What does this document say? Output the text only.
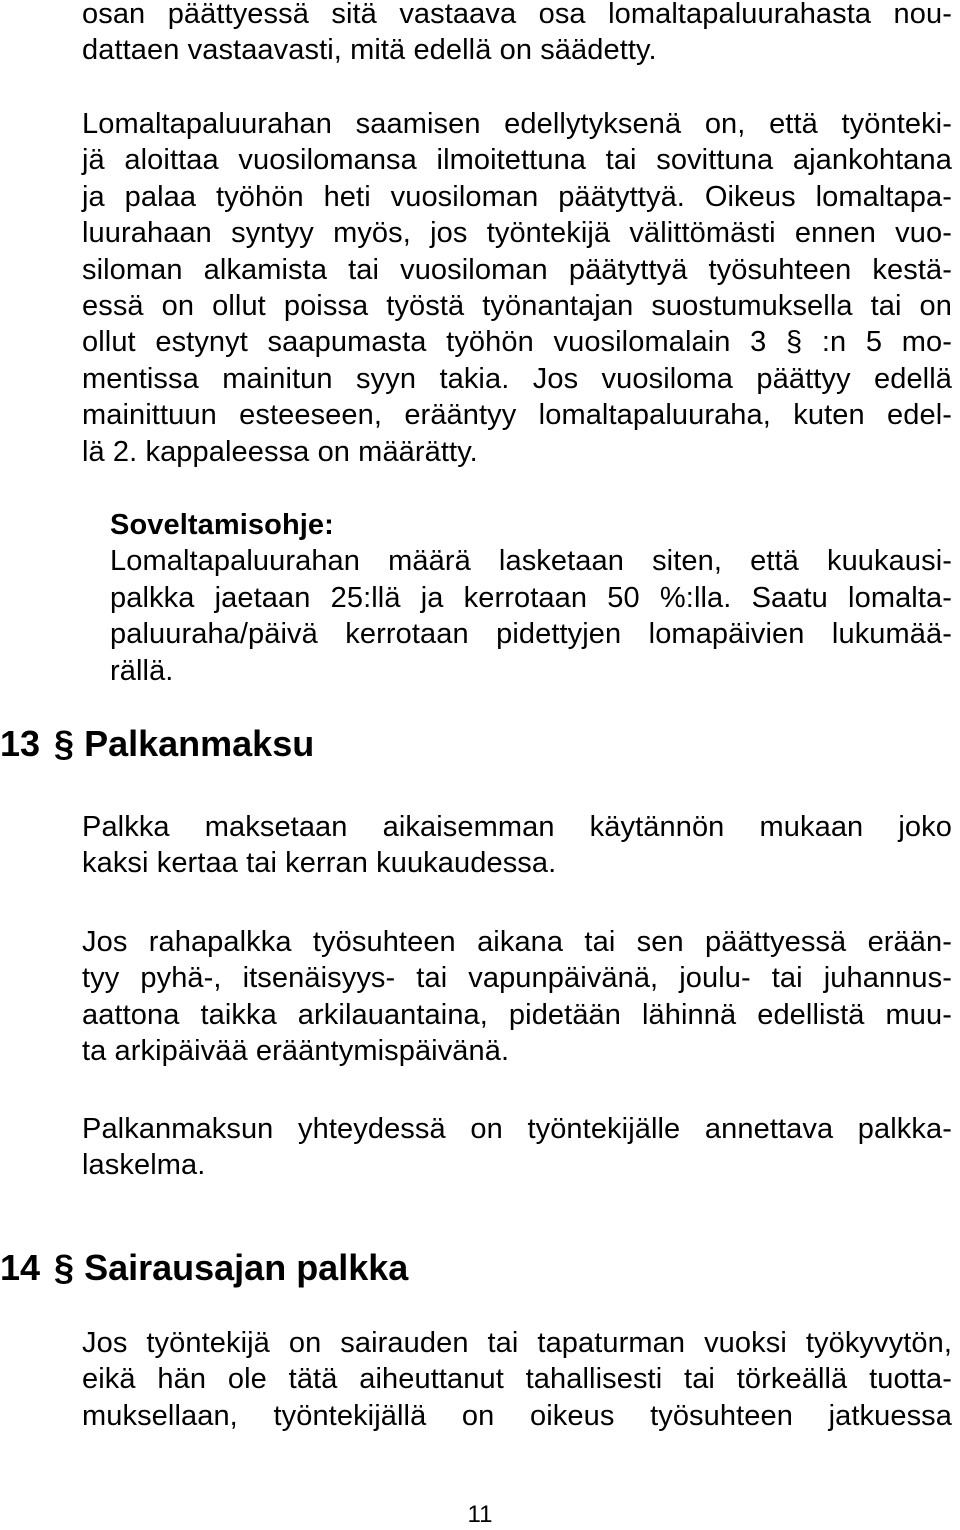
osan päättyessä sitä vastaava osa lomaltapaluurahasta nou-
dattaen vastaavasti, mitä edellä on säädetty.
Lomaltapaluurahan saamisen edellytyksenä on, että työnteki-
jä aloittaa vuosilomansa ilmoitettuna tai sovittuna ajankohtana
ja palaa työhön heti vuosiloman päätyttyä. Oikeus lomaltapa-
luurahaan syntyy myös, jos työntekijä välittömästi ennen vuo-
siloman alkamista tai vuosiloman päätyttyä työsuhteen kestä-
essä on ollut poissa työstä työnantajan suostumuksella tai on
ollut estynyt saapumasta työhön vuosilomalain 3 § :n 5 mo-
mentissa mainitun syyn takia. Jos vuosiloma päättyy edellä
mainittuun esteeseen, erääntyy lomaltapaluuraha, kuten edel-
lä 2. kappaleessa on määrätty.
Soveltamisohje:
Lomaltapaluurahan määrä lasketaan siten, että kuukausi-
palkka jaetaan 25:llä ja kerrotaan 50 %:lla. Saatu lomalta-
paluuraha/päivä kerrotaan pidettyjen lomapäivien lukumää-
rällä.
13 § Palkanmaksu
Palkka maksetaan aikaisemman käytännön mukaan joko
kaksi kertaa tai kerran kuukaudessa.
Jos rahapalkka työsuhteen aikana tai sen päättyessä erään-
tyy pyhä-, itsenäisyys- tai vapunpäivänä, joulu- tai juhannus-
aattona taikka arkilauantaina, pidetään lähinnä edellistä muu-
ta arkipäivää erääntymispäivänä.
Palkanmaksun yhteydessä on työntekijälle annettava palkka-
laskelma.
14 § Sairausajan palkka
Jos työntekijä on sairauden tai tapaturman vuoksi työkyvytön,
eikä hän ole tätä aiheuttanut tahallisesti tai törkeällä tuotta-
muksellaan, työntekijällä on oikeus työsuhteen jatkuessa
11
